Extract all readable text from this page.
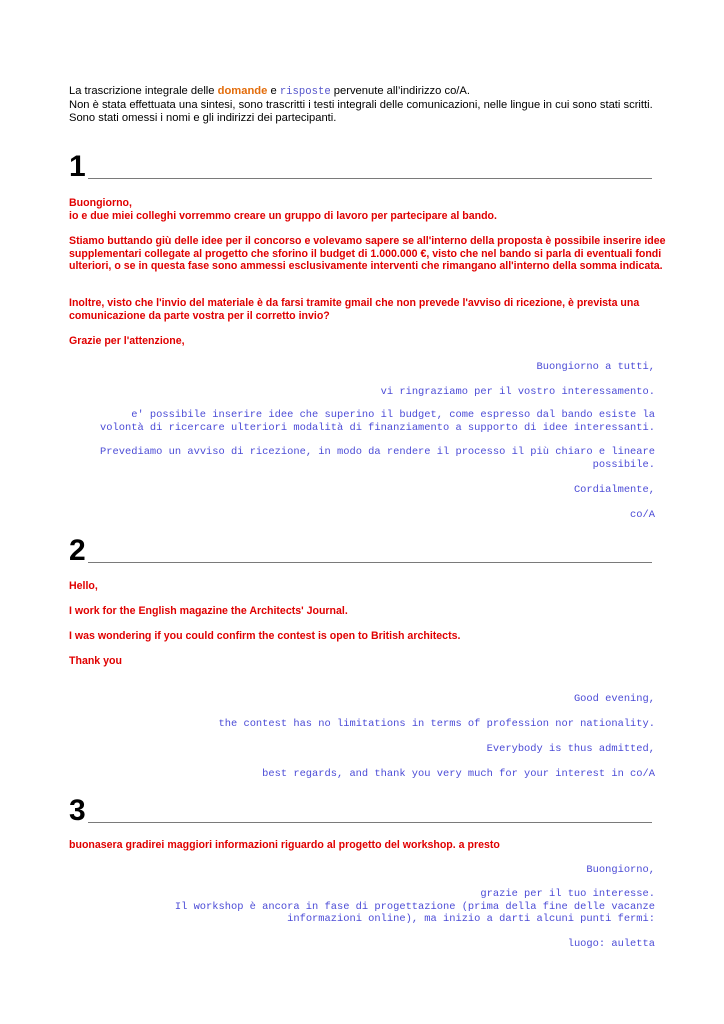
La trascrizione integrale delle domande e risposte pervenute all’indirizzo co/A.

Non è stata effettuata una sintesi, sono trascritti i testi integrali delle comunicazioni, nelle lingue in cui sono stati scritti.

Sono stati omessi i nomi e gli indirizzi dei partecipanti.

1

Buongiorno,

io e due miei colleghi vorremmo creare un gruppo di lavoro per partecipare al bando.

Stiamo buttando giù delle idee per il concorso e volevamo sapere se all'interno della proposta è possibile inserire idee supplementari collegate al progetto che sforino il budget di 1.000.000 €, visto che nel bando si parla di eventuali fondi ulteriori, o se in questa fase sono ammessi esclusivamente interventi che rimangano all'interno della somma indicata.

Inoltre, visto che l'invio del materiale è da farsi tramite gmail che non prevede l'avviso di ricezione, è prevista una comunicazione da parte vostra per il corretto invio?

Grazie per l'attenzione,

Buongiorno a tutti,

vi ringraziamo per il vostro interessamento.

e' possibile inserire idee che superino il budget, come espresso dal bando esiste la

volontà di ricercare ulteriori modalità di finanziamento a supporto di idee interessanti.

Prevediamo un avviso di ricezione, in modo da rendere il processo il più chiaro e lineare

possibile.

Cordialmente,

co/A

2

Hello,

I work for the English magazine the Architects' Journal.

I was wondering if you could confirm the contest is open to British architects.

Thank you

Good evening,

the contest has no limitations in terms of profession nor nationality.

Everybody is thus admitted,

best regards, and thank you very much for your interest in co/A

3

buonasera gradirei maggiori informazioni riguardo al progetto del workshop. a presto

Buongiorno,

grazie per il tuo interesse.

Il workshop è ancora in fase di progettazione (prima della fine delle vacanze

informazioni online), ma inizio a darti alcuni punti fermi:

luogo: auletta
